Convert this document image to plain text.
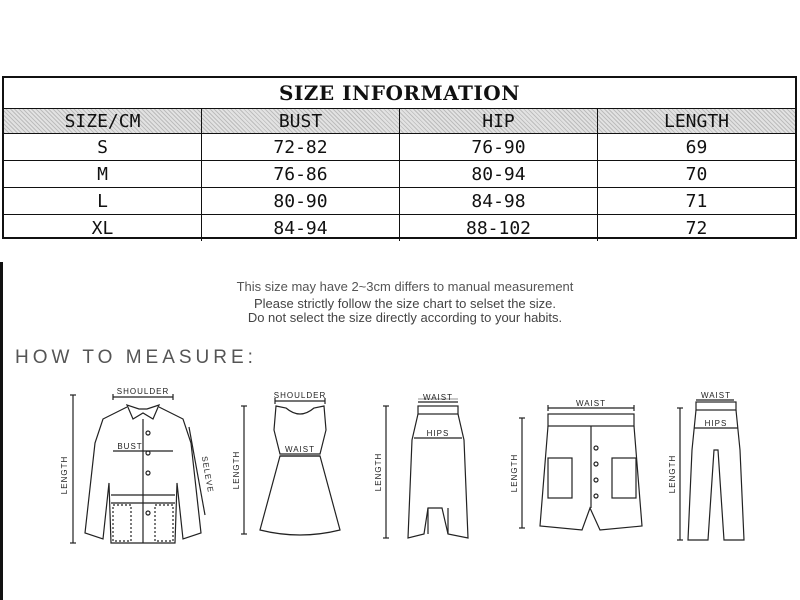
SIZE INFORMATION
SIZE/CM	BUST	HIP	LENGTH
S	72-82	76-90	69
M	76-86	80-94	70
L	80-90	84-98	71
XL	84-94	88-102	72
This size may have 2~3cm differs to manual measurement
Please strictly follow the size chart to selset the size.
Do not select the size directly according to your habits.
HOW TO MEASURE:
SHOULDER
BUST
LENGTH	SELEVE
SHOULDER
WAIST
LENGTH
WAIST
HIPS
LENGTH
WAIST
LENGTH
WAIST
HIPS
LENGTH
